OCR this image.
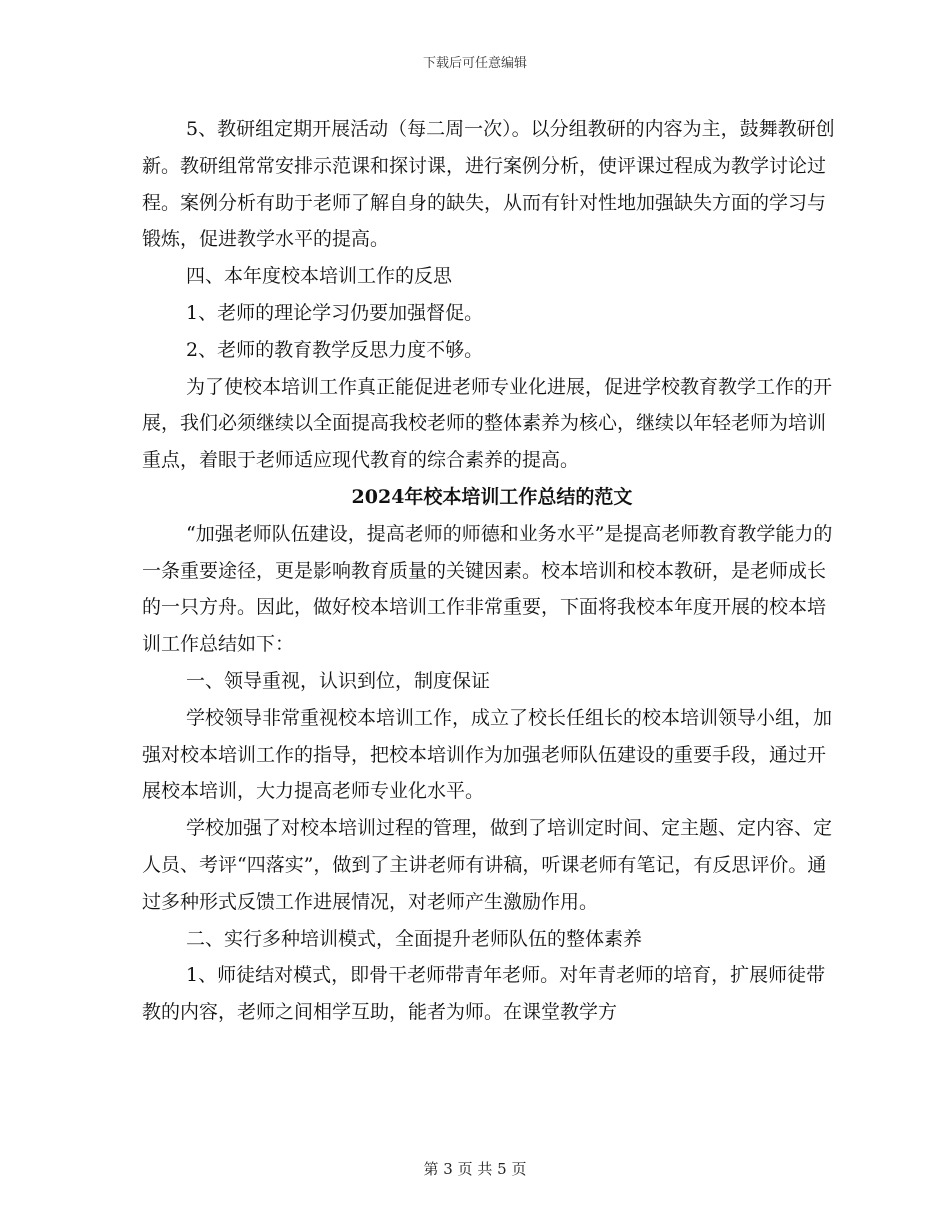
下载后可任意编辑

5、教研组定期开展活动（每二周一次）。以分组教研的内容为主，鼓舞教研创新。教研组常常安排示范课和探讨课，进行案例分析，使评课过程成为教学讨论过程。案例分析有助于老师了解自身的缺失，从而有针对性地加强缺失方面的学习与锻炼，促进教学水平的提高。

四、本年度校本培训工作的反思

1、老师的理论学习仍要加强督促。

2、老师的教育教学反思力度不够。

为了使校本培训工作真正能促进老师专业化进展，促进学校教育教学工作的开展，我们必须继续以全面提高我校老师的整体素养为核心，继续以年轻老师为培训重点，着眼于老师适应现代教育的综合素养的提高。

2024年校本培训工作总结的范文

“加强老师队伍建设，提高老师的师德和业务水平”是提高老师教育教学能力的一条重要途径，更是影响教育质量的关键因素。校本培训和校本教研，是老师成长的一只方舟。因此，做好校本培训工作非常重要，下面将我校本年度开展的校本培训工作总结如下：

一、领导重视，认识到位，制度保证

学校领导非常重视校本培训工作，成立了校长任组长的校本培训领导小组，加强对校本培训工作的指导，把校本培训作为加强老师队伍建设的重要手段，通过开展校本培训，大力提高老师专业化水平。

学校加强了对校本培训过程的管理，做到了培训定时间、定主题、定内容、定人员、考评“四落实”，做到了主讲老师有讲稿，听课老师有笔记，有反思评价。通过多种形式反馈工作进展情况，对老师产生激励作用。

二、实行多种培训模式，全面提升老师队伍的整体素养

1、师徒结对模式，即骨干老师带青年老师。对年青老师的培育，扩展师徒带教的内容，老师之间相学互助，能者为师。在课堂教学方

第 3 页 共 5 页
